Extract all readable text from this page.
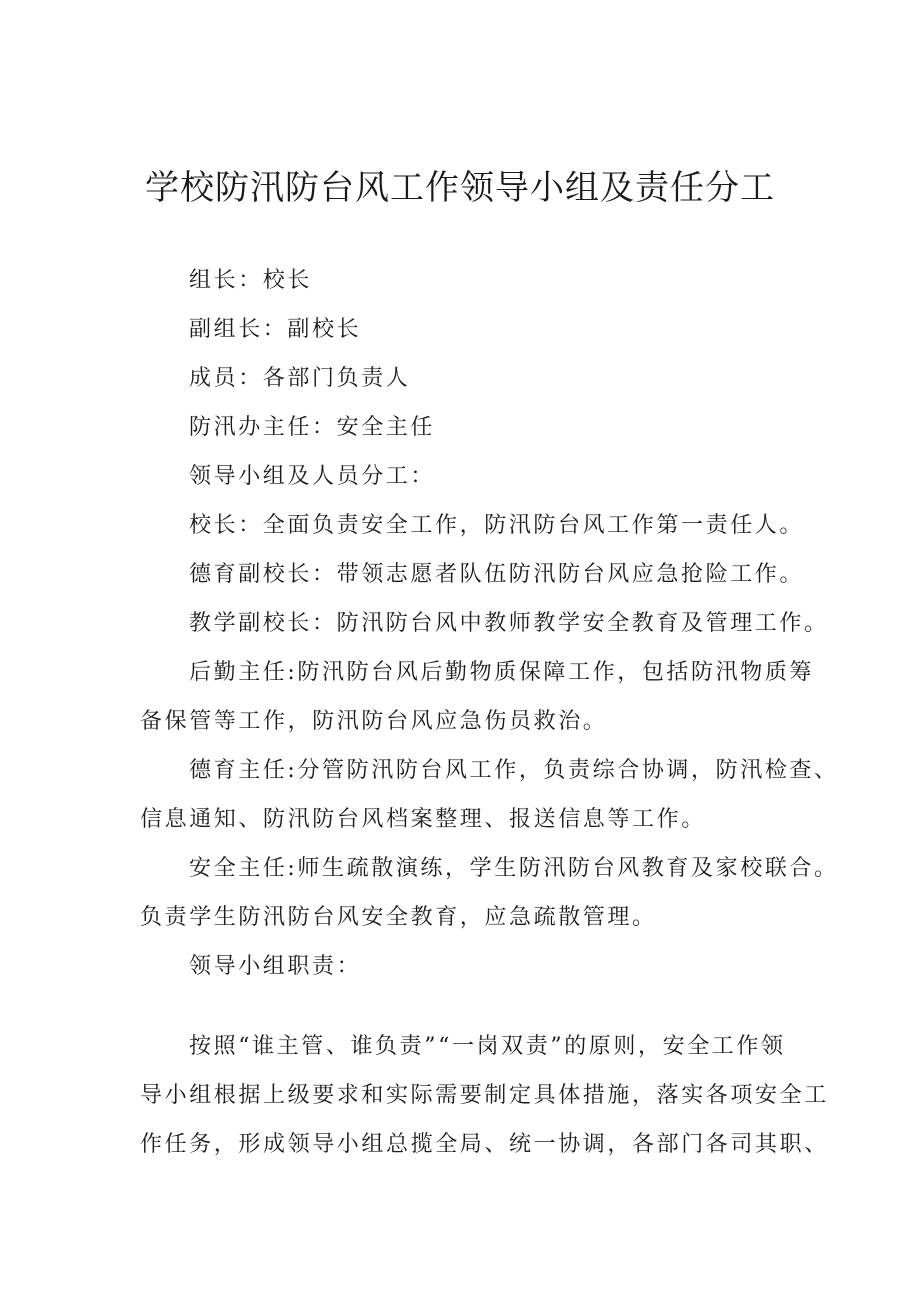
学校防汛防台风工作领导小组及责任分工

组长：校长

副组长：副校长

成员：各部门负责人

防汛办主任：安全主任

领导小组及人员分工：

校长：全面负责安全工作，防汛防台风工作第一责任人。

德育副校长：带领志愿者队伍防汛防台风应急抢险工作。

教学副校长：防汛防台风中教师教学安全教育及管理工作。

后勤主任:防汛防台风后勤物质保障工作，包括防汛物质筹

备保管等工作，防汛防台风应急伤员救治。

德育主任:分管防汛防台风工作，负责综合协调，防汛检查、

信息通知、防汛防台风档案整理、报送信息等工作。

安全主任:师生疏散演练，学生防汛防台风教育及家校联合。

负责学生防汛防台风安全教育，应急疏散管理。

领导小组职责：

按照“谁主管、谁负责”“一岗双责”的原则，安全工作领

导小组根据上级要求和实际需要制定具体措施，落实各项安全工

作任务，形成领导小组总揽全局、统一协调，各部门各司其职、
